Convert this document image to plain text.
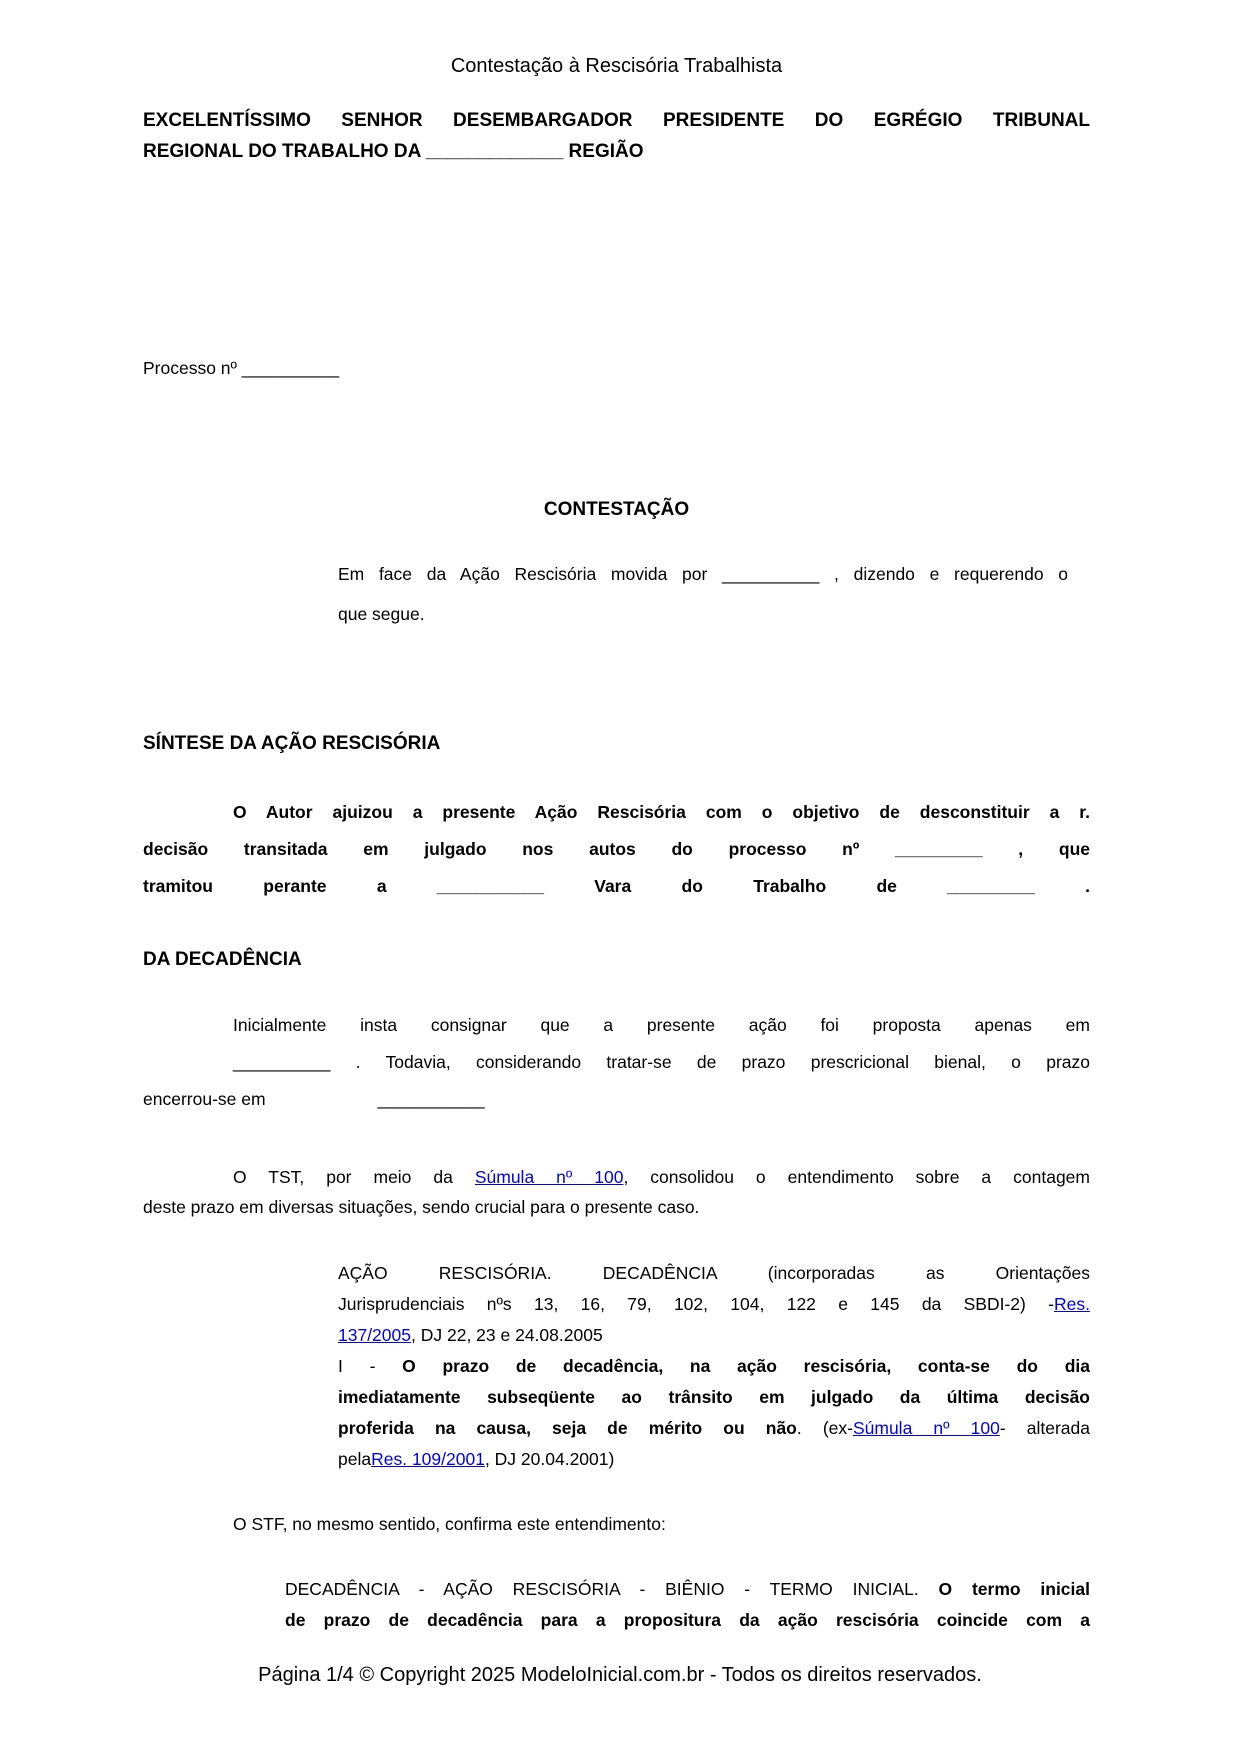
Contestação à Rescisória Trabalhista
EXCELENTÍSSIMO SENHOR DESEMBARGADOR PRESIDENTE DO EGRÉGIO TRIBUNAL
REGIONAL DO TRABALHO DA _____________ REGIÃO
Processo nº __________
CONTESTAÇÃO
Em face da Ação Rescisória movida por __________ , dizendo e requerendo o
que segue.
SÍNTESE DA AÇÃO RESCISÓRIA
O Autor ajuizou a presente Ação Rescisória com o objetivo de desconstituir a r.
decisão transitada em julgado nos autos do processo nº _________ , que
tramitou perante a ___________ Vara do Trabalho de _________ .
DA DECADÊNCIA
Inicialmente insta consignar que a presente ação foi proposta apenas em
__________ . Todavia, considerando tratar-se de prazo prescricional bienal, o prazo
encerrou-se em	___________
O TST, por meio da Súmula nº 100, consolidou o entendimento sobre a contagem
deste prazo em diversas situações, sendo crucial para o presente caso.
AÇÃO RESCISÓRIA. DECADÊNCIA (incorporadas as Orientações
Jurisprudenciais nºs 13, 16, 79, 102, 104, 122 e 145 da SBDI-2) -Res.
137/2005, DJ 22, 23 e 24.08.2005
I - O prazo de decadência, na ação rescisória, conta-se do dia
imediatamente subseqüente ao trânsito em julgado da última decisão
proferida na causa, seja de mérito ou não. (ex-Súmula nº 100- alterada
pelaRes. 109/2001, DJ 20.04.2001)
O STF, no mesmo sentido, confirma este entendimento:
DECADÊNCIA - AÇÃO RESCISÓRIA - BIÊNIO - TERMO INICIAL. O termo inicial
de prazo de decadência para a propositura da ação rescisória coincide com a
Página 1/4 © Copyright 2025 ModeloInicial.com.br - Todos os direitos reservados.
